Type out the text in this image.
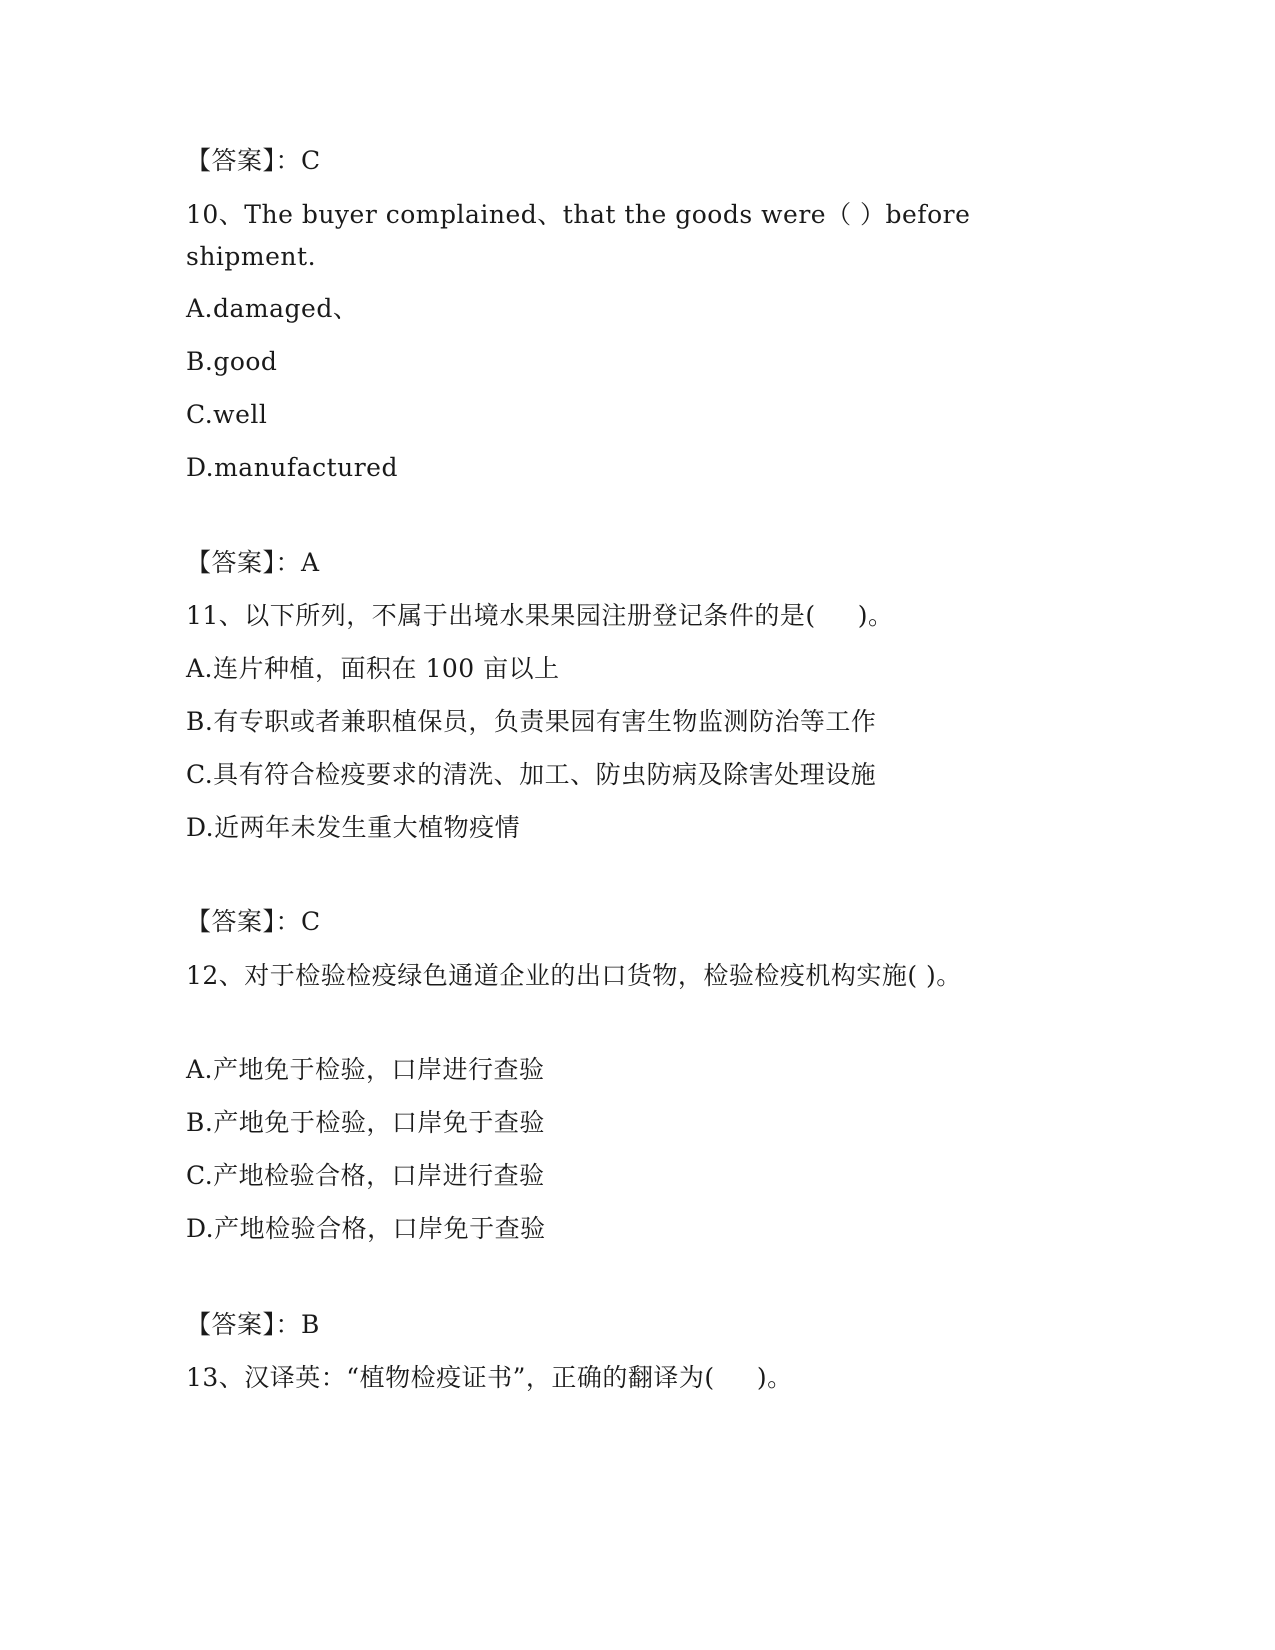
【答案】：C
10、The buyer complained、that the goods were（ ）before shipment.
A.damaged、
B.good
C.well
D.manufactured
【答案】：A
11、以下所列，不属于出境水果果园注册登记条件的是(     )。
A.连片种植，面积在 100 亩以上
B.有专职或者兼职植保员，负责果园有害生物监测防治等工作
C.具有符合检疫要求的清洗、加工、防虫防病及除害处理设施
D.近两年未发生重大植物疫情
【答案】：C
12、对于检验检疫绿色通道企业的出口货物，检验检疫机构实施( )。
A.产地免于检验，口岸进行查验
B.产地免于检验，口岸免于查验
C.产地检验合格，口岸进行查验
D.产地检验合格，口岸免于查验
【答案】：B
13、汉译英：“植物检疫证书”，正确的翻译为(     )。
